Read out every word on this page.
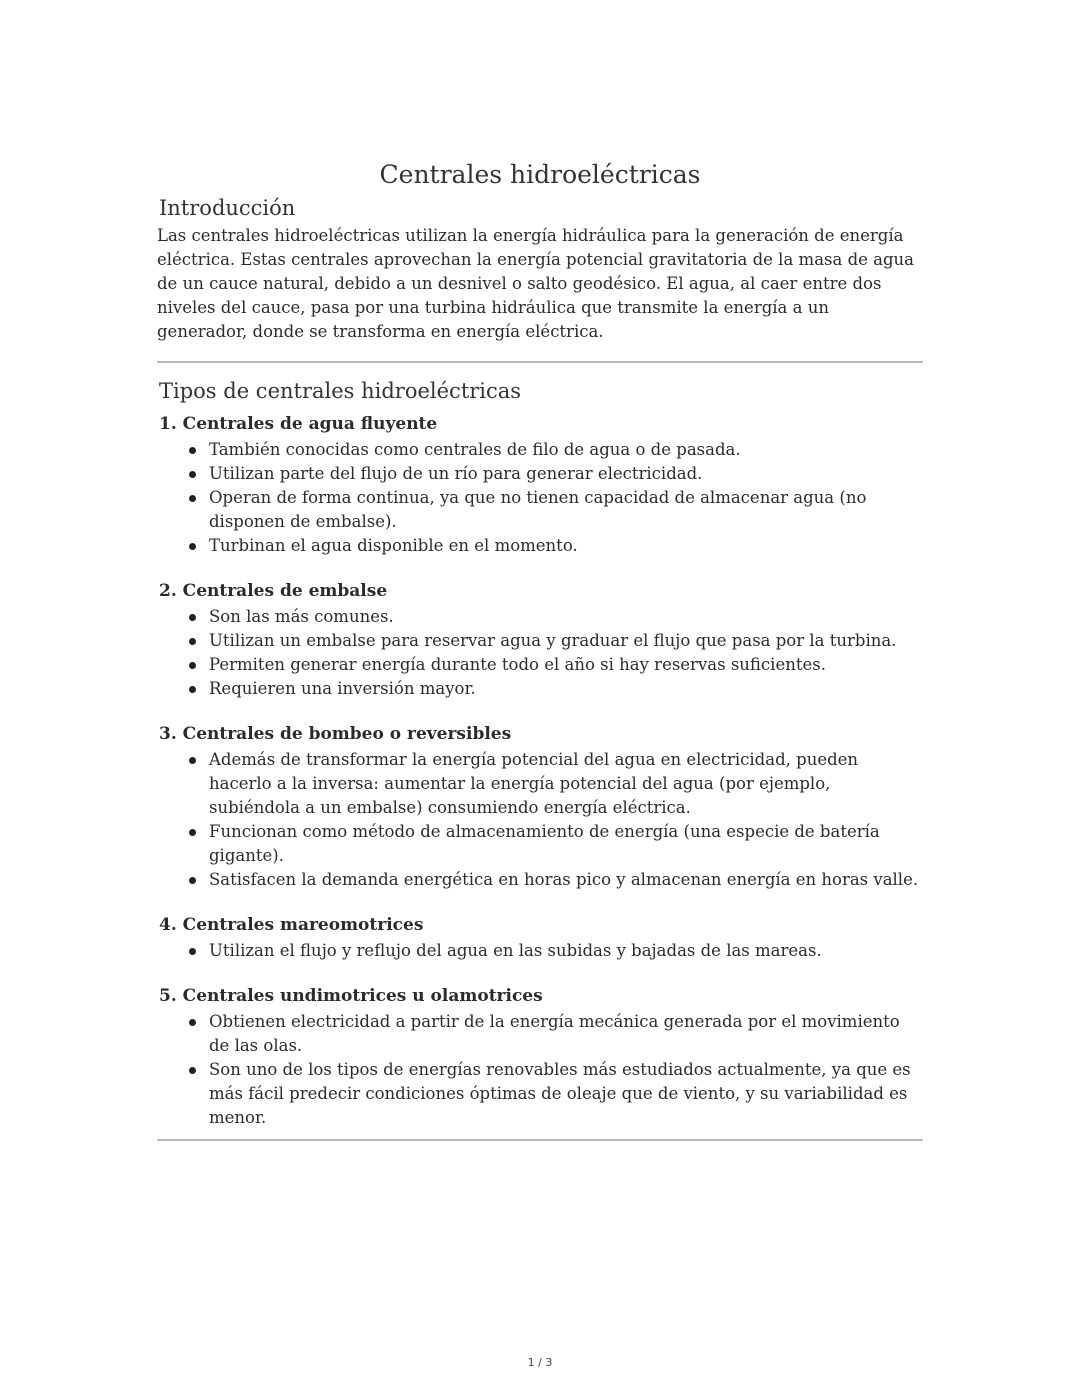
Centrales hidroeléctricas
Introducción

Las centrales hidroeléctricas utilizan la energía hidráulica para la generación de energía eléctrica. Estas centrales aprovechan la energía potencial gravitatoria de la masa de agua de un cauce natural, debido a un desnivel o salto geodésico. El agua, al caer entre dos niveles del cauce, pasa por una turbina hidráulica que transmite la energía a un generador, donde se transforma en energía eléctrica.

Tipos de centrales hidroeléctricas
1. Centrales de agua fluyente
También conocidas como centrales de filo de agua o de pasada.
Utilizan parte del flujo de un río para generar electricidad.
Operan de forma continua, ya que no tienen capacidad de almacenar agua (no disponen de embalse).
Turbinan el agua disponible en el momento.
2. Centrales de embalse
Son las más comunes.
Utilizan un embalse para reservar agua y graduar el flujo que pasa por la turbina.
Permiten generar energía durante todo el año si hay reservas suficientes.
Requieren una inversión mayor.
3. Centrales de bombeo o reversibles
Además de transformar la energía potencial del agua en electricidad, pueden hacerlo a la inversa: aumentar la energía potencial del agua (por ejemplo, subiéndola a un embalse) consumiendo energía eléctrica.
Funcionan como método de almacenamiento de energía (una especie de batería gigante).
Satisfacen la demanda energética en horas pico y almacenan energía en horas valle.
4. Centrales mareomotrices
Utilizan el flujo y reflujo del agua en las subidas y bajadas de las mareas.
5. Centrales undimotrices u olamotrices
Obtienen electricidad a partir de la energía mecánica generada por el movimiento de las olas.
Son uno de los tipos de energías renovables más estudiados actualmente, ya que es más fácil predecir condiciones óptimas de oleaje que de viento, y su variabilidad es menor.
1 / 3
